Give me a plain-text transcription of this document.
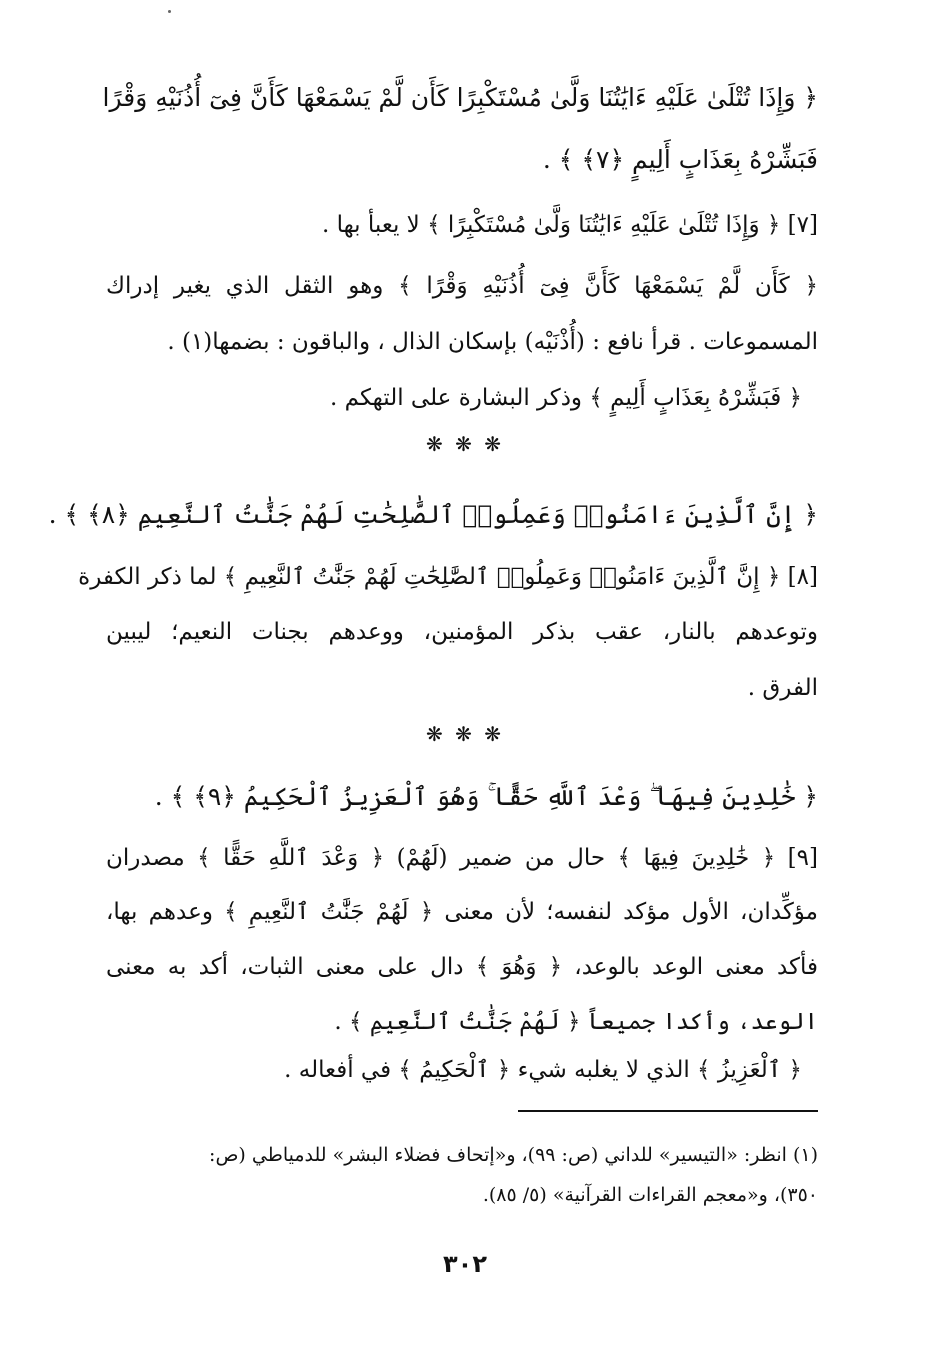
﴿ وَإِذَا تُتْلَىٰ عَلَيْهِ ءَايَٰتُنَا وَلَّىٰ مُسْتَكْبِرًا كَأَن لَّمْ يَسْمَعْهَا كَأَنَّ فِىٓ أُذُنَيْهِ وَقْرًا
فَبَشِّرْهُ بِعَذَابٍ أَلِيمٍ ﴿٧﴾ ﴾ .
[٧] ﴿ وَإِذَا تُتْلَىٰ عَلَيْهِ ءَايَٰتُنَا وَلَّىٰ مُسْتَكْبِرًا ﴾ لا يعبأ بها .
﴿ كَأَن لَّمْ يَسْمَعْهَا كَأَنَّ فِىٓ أُذُنَيْهِ وَقْرًا ﴾ وهو الثقل الذي يغير إدراك
المسموعات . قرأ نافع : (أُذْنَيْه) بإسكان الذال ، والباقون : بضمها(١) .
﴿ فَبَشِّرْهُ بِعَذَابٍ أَلِيمٍ ﴾ وذكر البشارة على التهكم .
❋ ❋ ❋
﴿ إِنَّ ٱلَّذِينَ ءَامَنُوا۟ وَعَمِلُوا۟ ٱلصَّٰلِحَٰتِ لَهُمْ جَنَّٰتُ ٱلنَّعِيمِ ﴿٨﴾ ﴾ .
[٨] ﴿ إِنَّ ٱلَّذِينَ ءَامَنُوا۟ وَعَمِلُوا۟ ٱلصَّٰلِحَٰتِ لَهُمْ جَنَّٰتُ ٱلنَّعِيمِ ﴾ لما ذكر الكفرة
وتوعدهم بالنار، عقب بذكر المؤمنين، ووعدهم بجنات النعيم؛ ليبين
الفرق .
❋ ❋ ❋
﴿ خَٰلِدِينَ فِيهَا ۖ وَعْدَ ٱللَّهِ حَقًّا ۚ وَهُوَ ٱلْعَزِيزُ ٱلْحَكِيمُ ﴿٩﴾ ﴾ .
[٩] ﴿ خَٰلِدِينَ فِيهَا ﴾ حال من ضمير (لَهُمْ) ﴿ وَعْدَ ٱللَّهِ حَقًّا ﴾ مصدران
مؤكِّدان، الأول مؤكد لنفسه؛ لأن معنى ﴿ لَهُمْ جَنَّٰتُ ٱلنَّعِيمِ ﴾ وعدهم بها،
فأكد معنى الوعد بالوعد، ﴿ وَهُوَ ﴾ دال على معنى الثبات، أكد به معنى
الوعد، وأكدا جميعاً ﴿ لَهُمْ جَنَّٰتُ ٱلنَّعِيمِ ﴾ .
﴿ ٱلْعَزِيزُ ﴾ الذي لا يغلبه شيء ﴿ ٱلْحَكِيمُ ﴾ في أفعاله .
(١) انظر: «التيسير» للداني (ص: ٩٩)، و«إتحاف فضلاء البشر» للدمياطي (ص:
٣٥٠)، و«معجم القراءات القرآنية» (٥/ ٨٥).
٣٠٢
